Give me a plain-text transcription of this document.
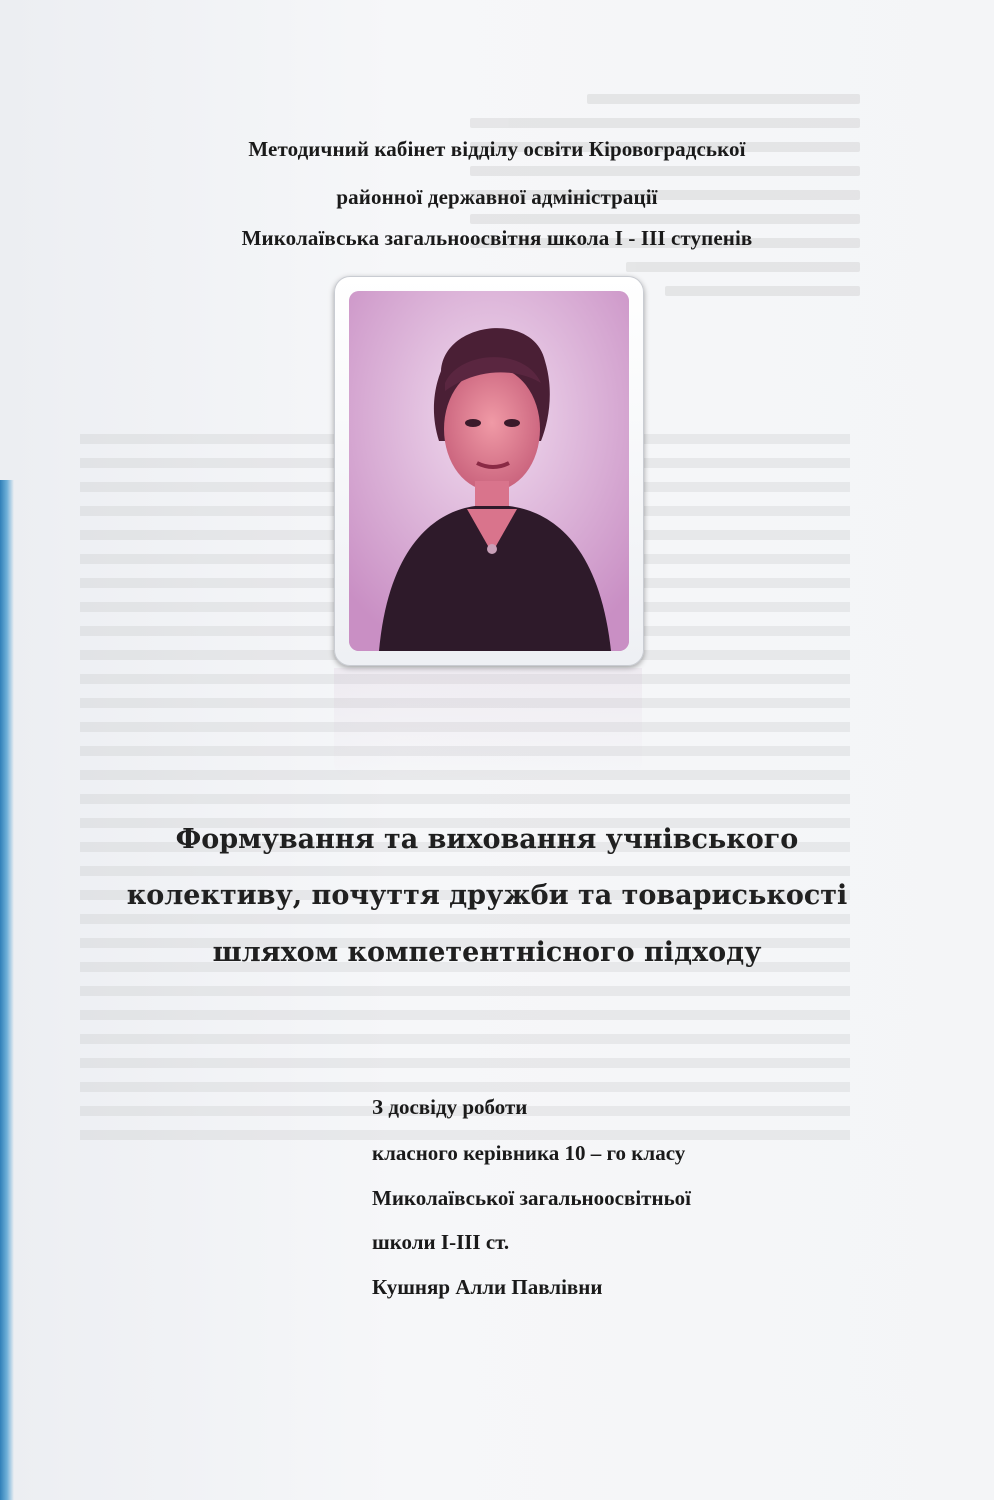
Методичний кабінет відділу освіти Кіровоградської
районної державної адміністрації
Миколаївська загальноосвітня школа І - ІІІ ступенів
Формування та виховання учнівського
колективу, почуття дружби та товариськості
шляхом компетентнісного підходу
З досвіду роботи
класного керівника 10 – го класу
Миколаївської загальноосвітньої
школи І-ІІІ ст.
Кушняр Алли Павлівни
